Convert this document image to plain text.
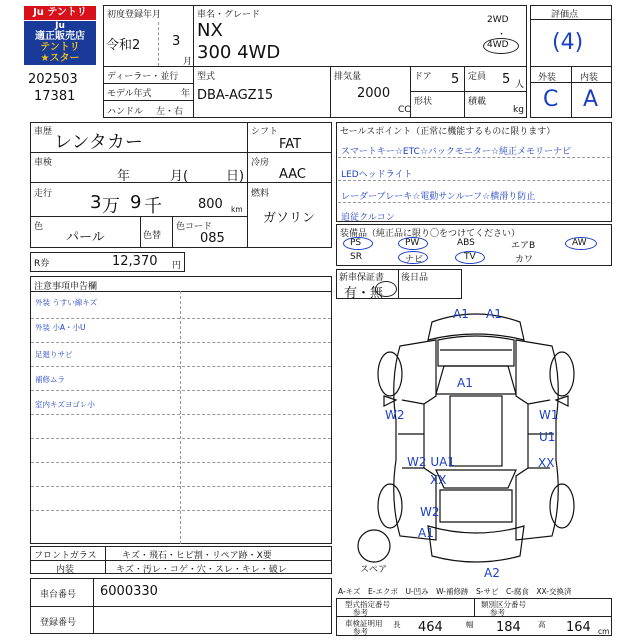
Ju テントリ
Ju
適正販売店
テントリ
★スター
202503
17381
初度登録年月
令和2 3
月
車名・グレード
NX
300 4WD
2WD
・
4WD
評価点
(4)
外装	内装
C A
ディーラー・並行
モデル年式	年
ハンドル 左・右
型式
DBA-AGZ15
排気量
2000
CC
ドア 5
形状
定員 5 人
積載
kg
車歴 レンタカー
車検
年	月(	日)
走行 3 万 9 千	800 km
色
パール	色替
色コード
085
シフト
FAT
冷房
AAC
燃料
ガソリン
R券	12,370 円
セールスポイント（正常に機能するものに限ります）
スマートキー☆ETC☆バックモニター☆純正メモリーナビ
LEDヘッドライト
レーダーブレーキ☆電動サンルーフ☆横滑り防止
追従クルコン
装備品（純正品に限り〇をつけてください）
PS	PW	ABS	エアB	AW
SR	ナビ	TV	カワ
新車保証書
有・無
後日品
注意事項申告欄
外装 うすい線キズ
外装 小A・小U
足廻りサビ
補修ムラ
室内キズヨゴレ小
A1 A1
A1
W2	W1
U1
W2 UA1
XX
XX
W2
A1
A2
スペア
フロントガラス	キズ・飛石・ヒビ割・リペア跡・X要
内装	キズ・汚レ・コゲ・穴・スレ・キレ・破レ
車台番号 6000330
登録番号
A-キズ　E-エクボ　U-凹み　W-補修跡　S-サビ　C-腐食　XX-交換済
型式指定番号
参考
類別区分番号
参考
車検証明用
参考
長 464	幅 184 高 164 cm
